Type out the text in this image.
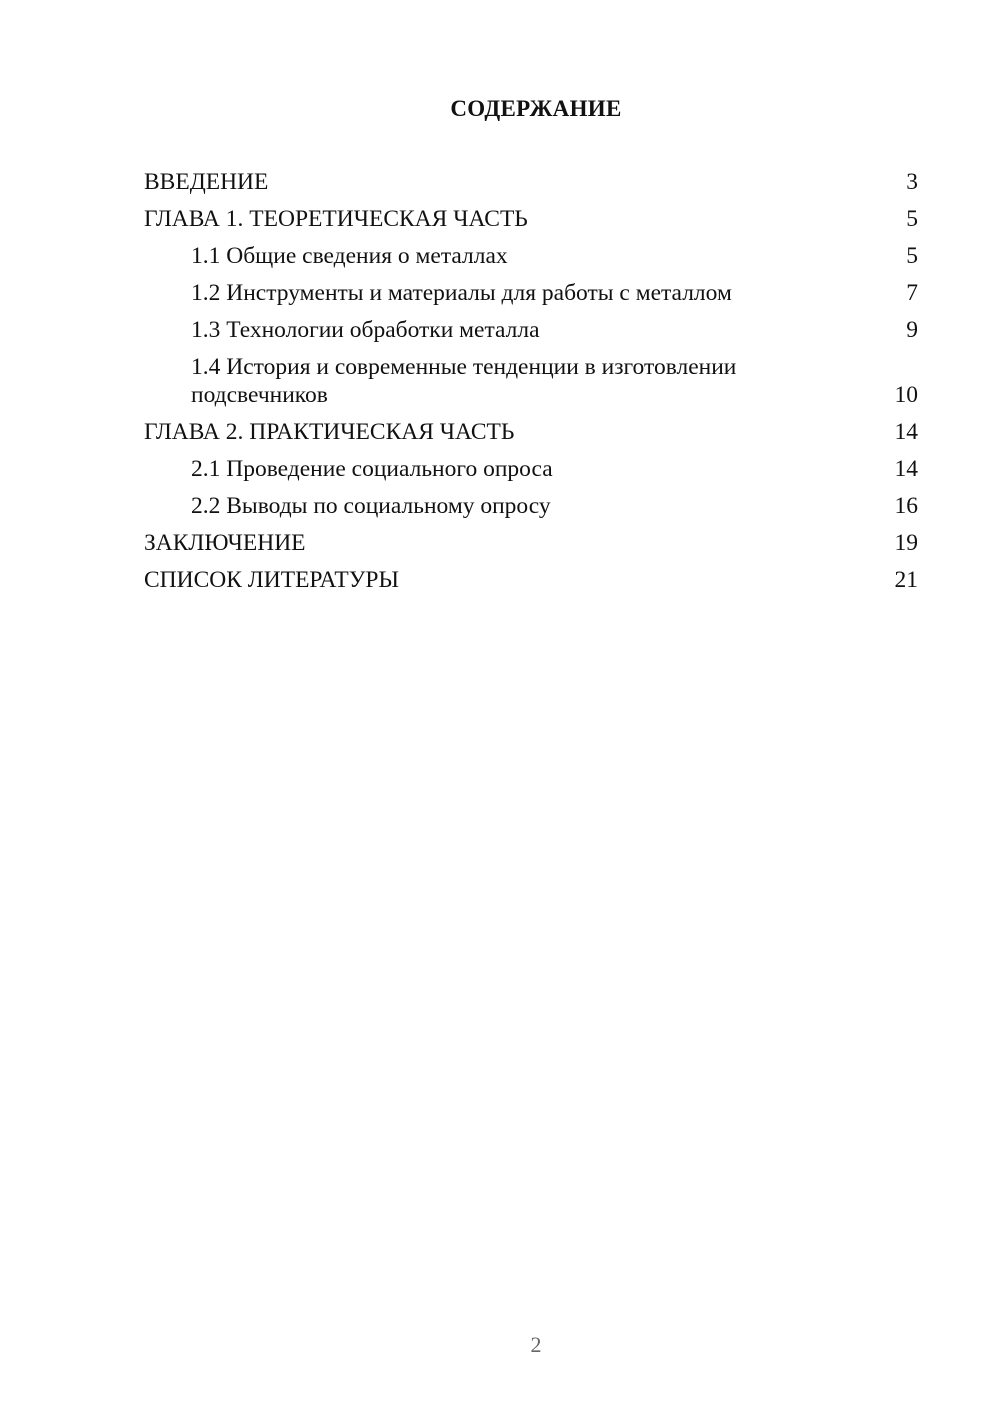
СОДЕРЖАНИЕ
ВВЕДЕНИЕ	3
ГЛАВА 1. ТЕОРЕТИЧЕСКАЯ ЧАСТЬ	5
1.1 Общие сведения о металлах	5
1.2 Инструменты и материалы для работы с металлом	7
1.3 Технологии обработки металла	9
1.4 История и современные тенденции в изготовлении подсвечников	10
ГЛАВА 2. ПРАКТИЧЕСКАЯ ЧАСТЬ	14
2.1 Проведение социального опроса	14
2.2 Выводы по социальному опросу	16
ЗАКЛЮЧЕНИЕ	19
СПИСОК ЛИТЕРАТУРЫ	21
2
